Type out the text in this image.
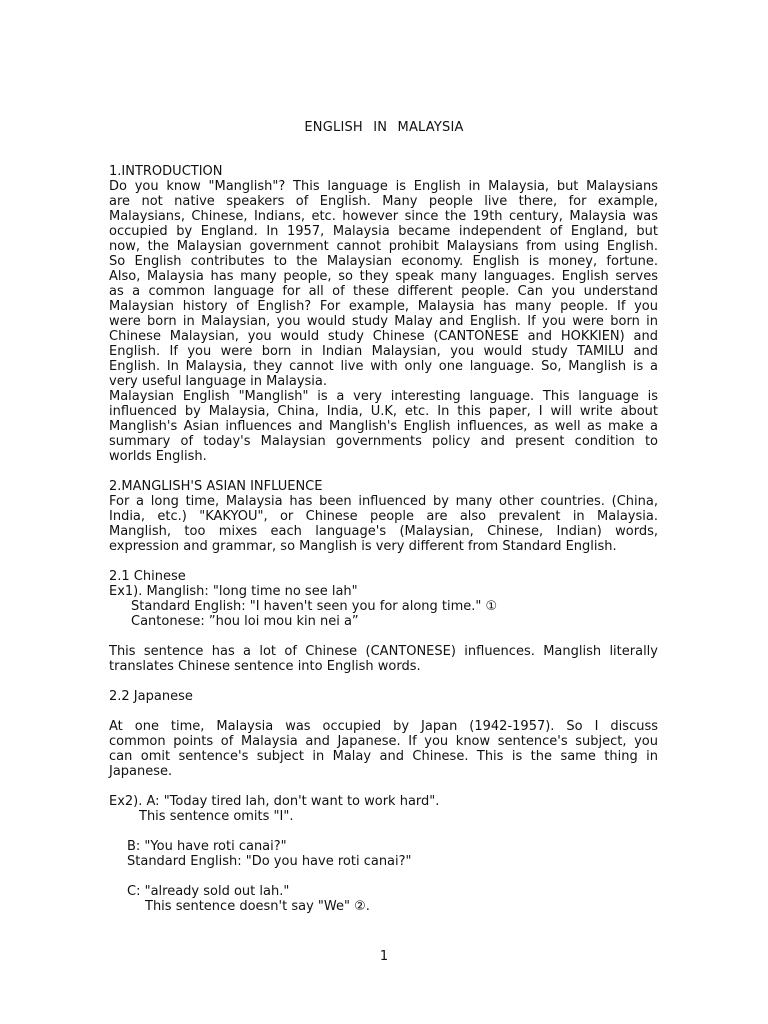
ENGLISH IN MALAYSIA
1.INTRODUCTION
Do you know "Manglish"? This language is English in Malaysia, but Malaysians
are not native speakers of English. Many people live there, for example,
Malaysians, Chinese, Indians, etc. however since the 19th century, Malaysia was
occupied by England. In 1957, Malaysia became independent of England, but
now, the Malaysian government cannot prohibit Malaysians from using English.
So English contributes to the Malaysian economy. English is money, fortune.
Also, Malaysia has many people, so they speak many languages. English serves
as a common language for all of these different people. Can you understand
Malaysian history of English? For example, Malaysia has many people. If you
were born in Malaysian, you would study Malay and English. If you were born in
Chinese Malaysian, you would study Chinese (CANTONESE and HOKKIEN) and
English. If you were born in Indian Malaysian, you would study TAMILU and
English. In Malaysia, they cannot live with only one language. So, Manglish is a
very useful language in Malaysia.
Malaysian English "Manglish" is a very interesting language. This language is
influenced by Malaysia, China, India, U.K, etc. In this paper, I will write about
Manglish's Asian influences and Manglish's English influences, as well as make a
summary of today's Malaysian governments policy and present condition to
worlds English.
2.MANGLISH'S ASIAN INFLUENCE
For a long time, Malaysia has been influenced by many other countries. (China,
India, etc.) "KAKYOU", or Chinese people are also prevalent in Malaysia.
Manglish, too mixes each language's (Malaysian, Chinese, Indian) words,
expression and grammar, so Manglish is very different from Standard English.
2.1 Chinese
Ex1). Manglish: "long time no see lah"
Standard English: "I haven't seen you for along time." ①
Cantonese: ”hou loi mou kin nei a”
This sentence has a lot of Chinese (CANTONESE) influences. Manglish literally
translates Chinese sentence into English words.
2.2 Japanese
At one time, Malaysia was occupied by Japan (1942-1957). So I discuss
common points of Malaysia and Japanese. If you know sentence's subject, you
can omit sentence's subject in Malay and Chinese. This is the same thing in
Japanese.
Ex2). A: "Today tired lah, don't want to work hard".
This sentence omits "I".
B: "You have roti canai?"
Standard English: "Do you have roti canai?"
C: "already sold out lah."
This sentence doesn't say "We" ②.
1
